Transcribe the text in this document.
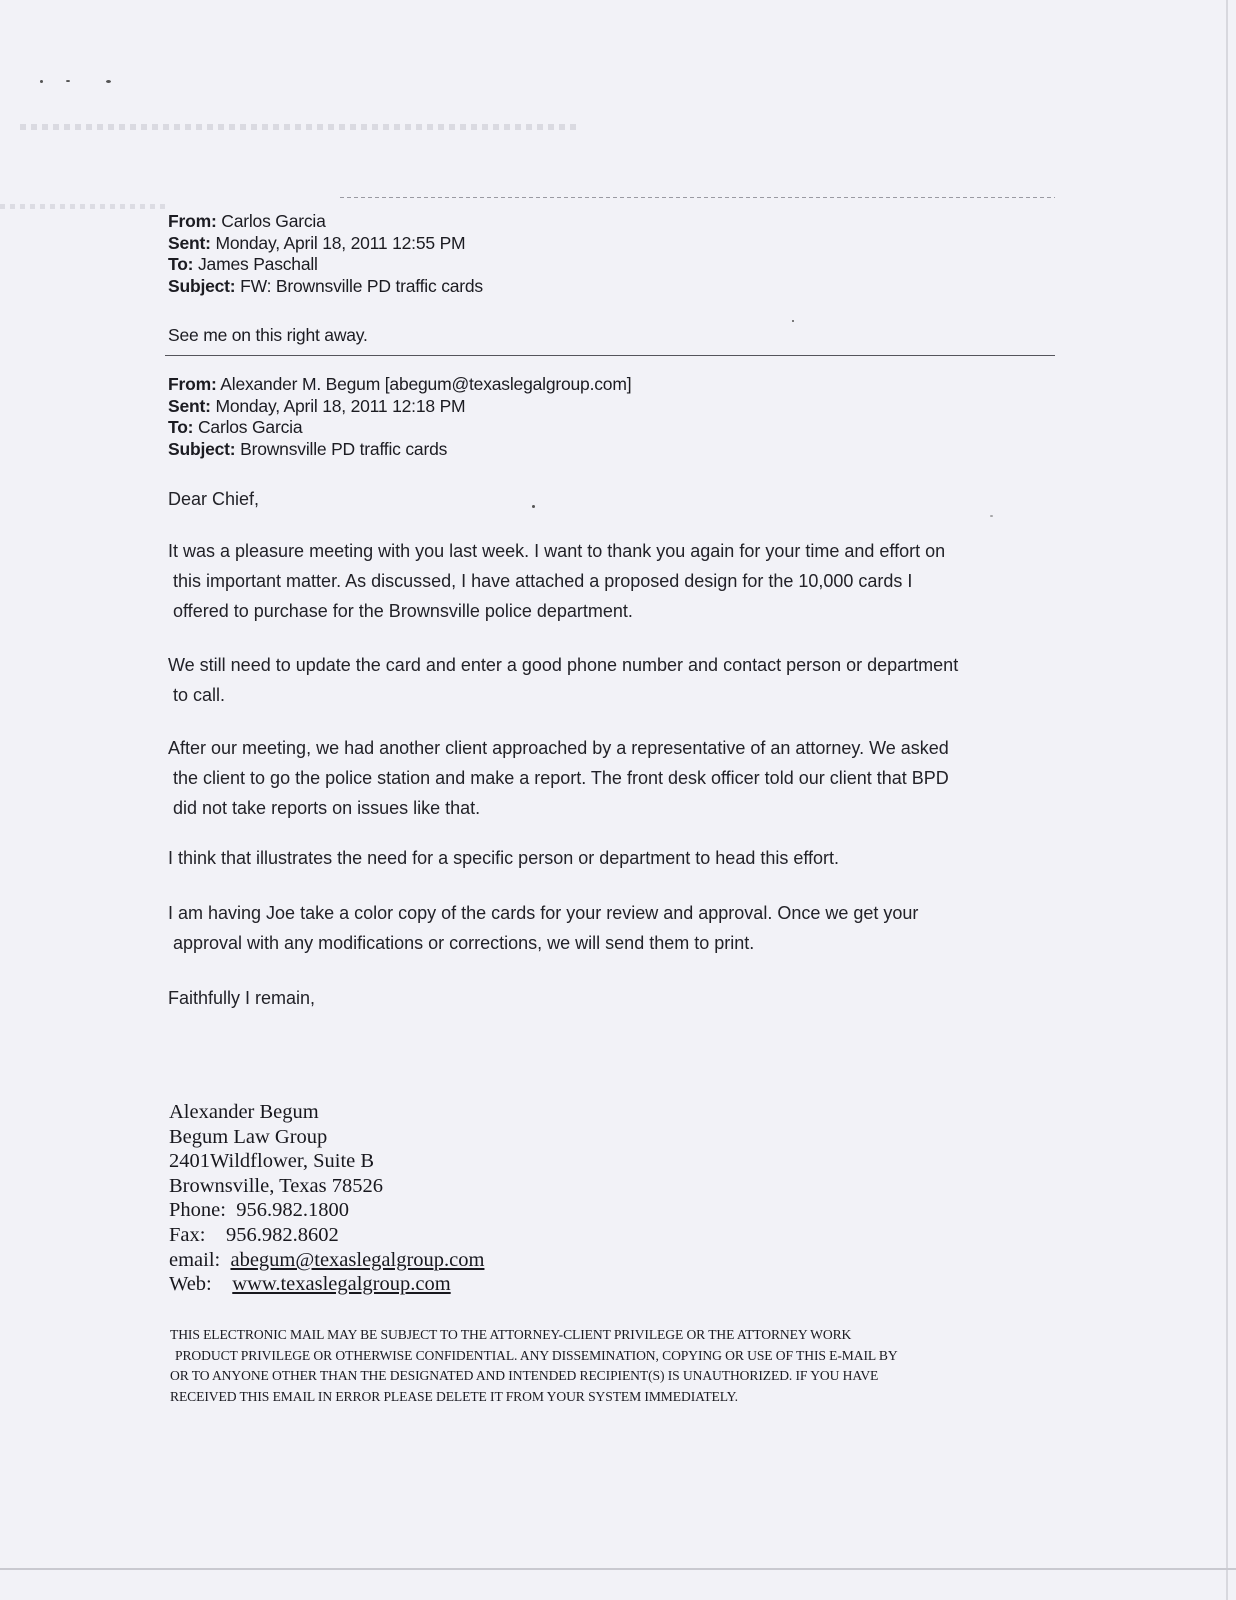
From: Carlos Garcia
Sent: Monday, April 18, 2011 12:55 PM
To: James Paschall
Subject: FW: Brownsville PD traffic cards
See me on this right away.
From: Alexander M. Begum [abegum@texaslegalgroup.com]
Sent: Monday, April 18, 2011 12:18 PM
To: Carlos Garcia
Subject: Brownsville PD traffic cards

Dear Chief,

It was a pleasure meeting with you last week. I want to thank you again for your time and effort on

this important matter. As discussed, I have attached a proposed design for the 10,000 cards I

offered to purchase for the Brownsville police department.

We still need to update the card and enter a good phone number and contact person or department

to call.

After our meeting, we had another client approached by a representative of an attorney. We asked

the client to go the police station and make a report. The front desk officer told our client that BPD

did not take reports on issues like that.

I think that illustrates the need for a specific person or department to head this effort.

I am having Joe take a color copy of the cards for your review and approval. Once we get your

approval with any modifications or corrections, we will send them to print.

Faithfully I remain,

Alexander Begum
Begum Law Group
2401Wildflower, Suite B
Brownsville, Texas 78526
Phone: 956.982.1800
Fax: 956.982.8602
email: abegum@texaslegalgroup.com
Web: www.texaslegalgroup.com
THIS ELECTRONIC MAIL MAY BE SUBJECT TO THE ATTORNEY-CLIENT PRIVILEGE OR THE ATTORNEY WORK
PRODUCT PRIVILEGE OR OTHERWISE CONFIDENTIAL. ANY DISSEMINATION, COPYING OR USE OF THIS E-MAIL BY
OR TO ANYONE OTHER THAN THE DESIGNATED AND INTENDED RECIPIENT(S) IS UNAUTHORIZED. IF YOU HAVE
RECEIVED THIS EMAIL IN ERROR PLEASE DELETE IT FROM YOUR SYSTEM IMMEDIATELY.
